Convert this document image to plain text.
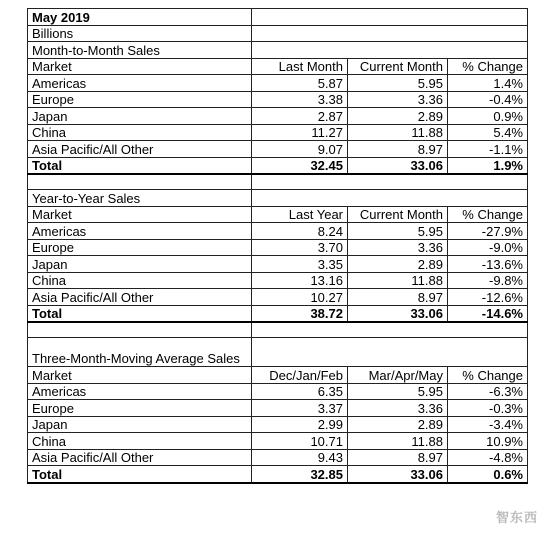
May 2019			
Billions			
Month-to-Month Sales			
Market	Last Month	Current Month	% Change
Americas	5.87	5.95	1.4%
Europe	3.38	3.36	-0.4%
Japan	2.87	2.89	0.9%
China	11.27	11.88	5.4%
Asia Pacific/All Other	9.07	8.97	-1.1%
Total	32.45	33.06	1.9%

Year-to-Year Sales			
Market	Last Year	Current Month	% Change
Americas	8.24	5.95	-27.9%
Europe	3.70	3.36	-9.0%
Japan	3.35	2.89	-13.6%
China	13.16	11.88	-9.8%
Asia Pacific/All Other	10.27	8.97	-12.6%
Total	38.72	33.06	-14.6%

Three-Month-Moving Average Sales			
Market	Dec/Jan/Feb	Mar/Apr/May	% Change
Americas	6.35	5.95	-6.3%
Europe	3.37	3.36	-0.3%
Japan	2.99	2.89	-3.4%
China	10.71	11.88	10.9%
Asia Pacific/All Other	9.43	8.97	-4.8%
Total	32.85	33.06	0.6%
智东西
